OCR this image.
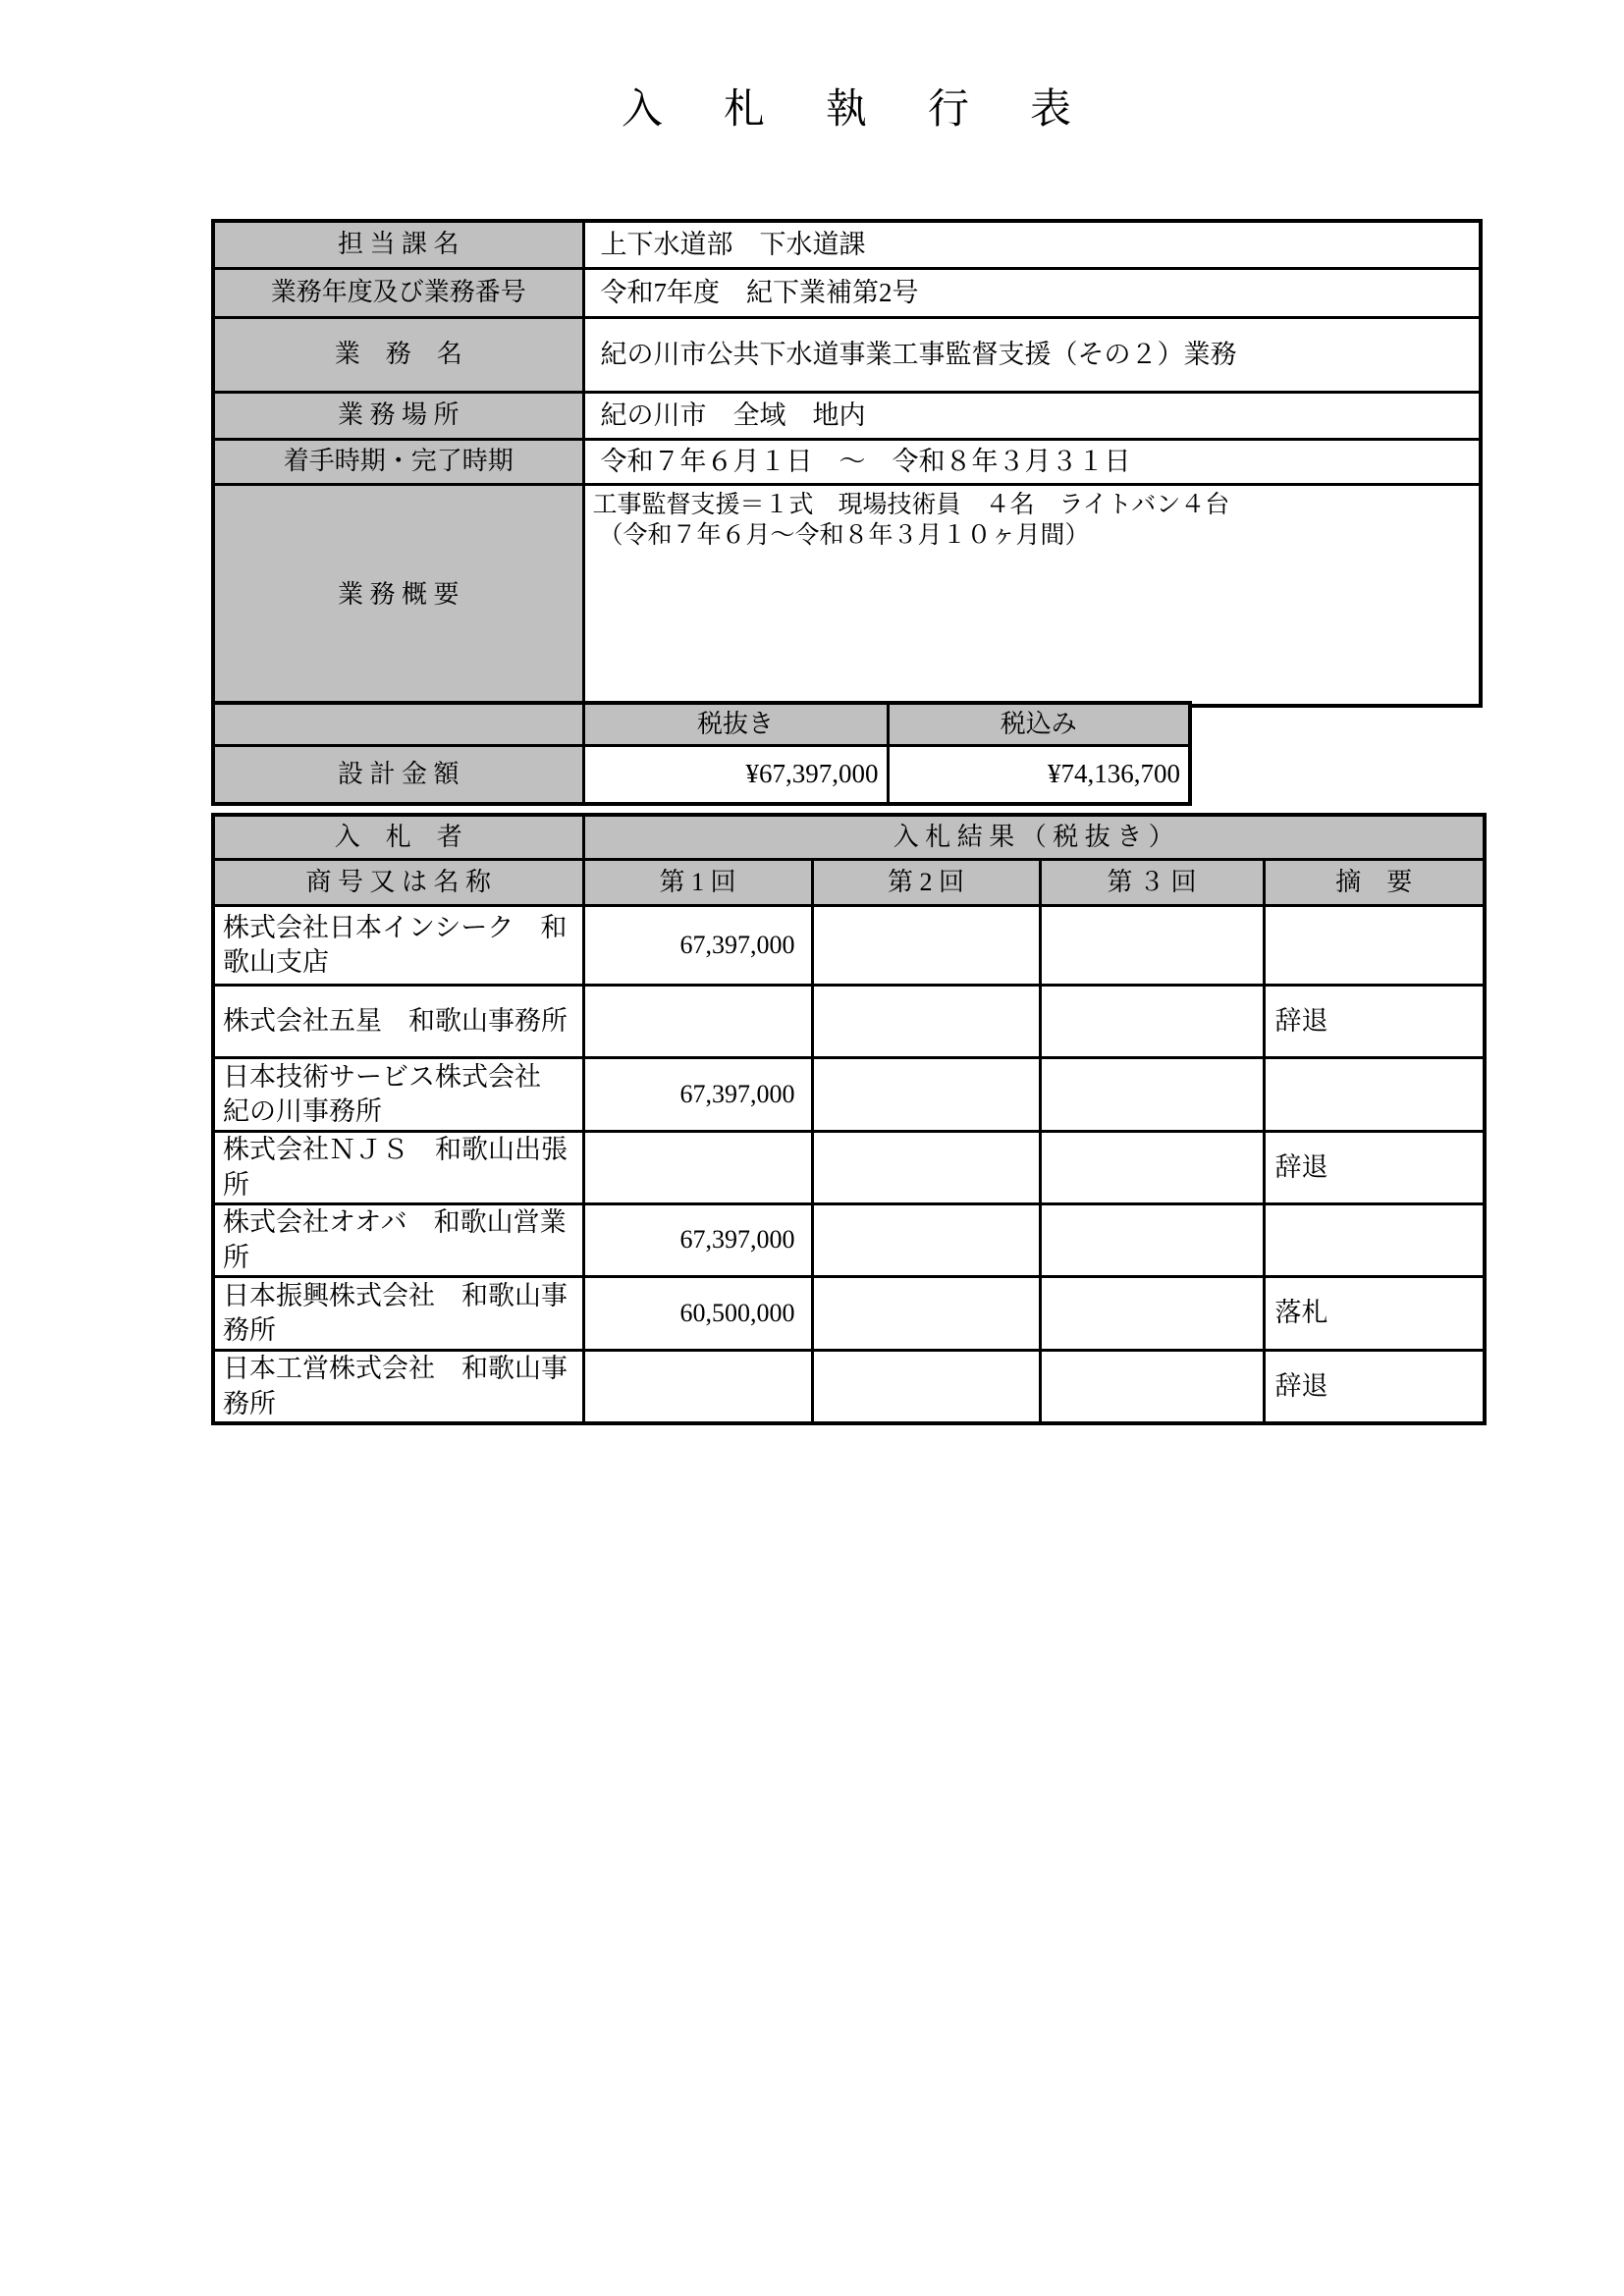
入　札　執　行　表

担 当 課 名	上下水道部　下水道課
業務年度及び業務番号	令和7年度　紀下業補第2号
業　務　名	紀の川市公共下水道事業工事監督支援（その２）業務
業 務 場 所	紀の川市　全域　地内
着手時期・完了時期	令和７年６月１日　～　令和８年３月３１日
業 務 概 要	工事監督支援＝１式　現場技術員　４名　ライトバン４台
（令和７年６月～令和８年３月１０ヶ月間）
	税抜き	税込み
設 計 金 額	¥67,397,000	¥74,136,700
入　札　者	入 札 結 果 （ 税 抜 き ）			
商 号 又 は 名 称	第 1 回	第 2 回	第 ３ 回	摘　要
株式会社日本インシーク　和歌山支店	67,397,000			
株式会社五星　和歌山事務所				辞退
日本技術サービス株式会社　紀の川事務所	67,397,000			
株式会社ＮＪＳ　和歌山出張所				辞退
株式会社オオバ　和歌山営業所	67,397,000			
日本振興株式会社　和歌山事務所	60,500,000			落札
日本工営株式会社　和歌山事務所				辞退
